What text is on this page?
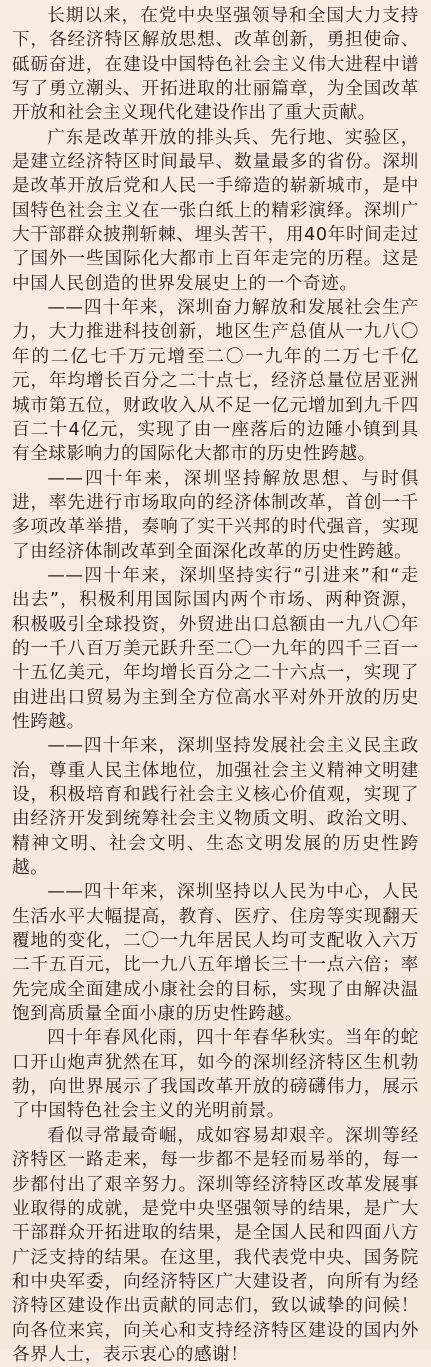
长期以来，在党中央坚强领导和全国大力支持下，各经济特区解放思想、改革创新，勇担使命、砥砺奋进，在建设中国特色社会主义伟大进程中谱写了勇立潮头、开拓进取的壮丽篇章，为全国改革开放和社会主义现代化建设作出了重大贡献。

广东是改革开放的排头兵、先行地、实验区，是建立经济特区时间最早、数量最多的省份。深圳是改革开放后党和人民一手缔造的崭新城市，是中国特色社会主义在一张白纸上的精彩演绎。深圳广大干部群众披荆斩棘、埋头苦干，用40年时间走过了国外一些国际化大都市上百年走完的历程。这是中国人民创造的世界发展史上的一个奇迹。

——四十年来，深圳奋力解放和发展社会生产力，大力推进科技创新，地区生产总值从一九八〇年的二亿七千万元增至二〇一九年的二万七千亿元，年均增长百分之二十点七，经济总量位居亚洲城市第五位，财政收入从不足一亿元增加到九千四百二十4亿元，实现了由一座落后的边陲小镇到具有全球影响力的国际化大都市的历史性跨越。

——四十年来，深圳坚持解放思想、与时俱进，率先进行市场取向的经济体制改革，首创一千多项改革举措，奏响了实干兴邦的时代强音，实现了由经济体制改革到全面深化改革的历史性跨越。

——四十年来，深圳坚持实行“引进来”和“走出去”，积极利用国际国内两个市场、两种资源，积极吸引全球投资，外贸进出口总额由一九八〇年的一千八百万美元跃升至二〇一九年的四千三百一十五亿美元，年均增长百分之二十六点一，实现了由进出口贸易为主到全方位高水平对外开放的历史性跨越。

——四十年来，深圳坚持发展社会主义民主政治，尊重人民主体地位，加强社会主义精神文明建设，积极培育和践行社会主义核心价值观，实现了由经济开发到统筹社会主义物质文明、政治文明、精神文明、社会文明、生态文明发展的历史性跨越。

——四十年来，深圳坚持以人民为中心，人民生活水平大幅提高，教育、医疗、住房等实现翻天覆地的变化，二〇一九年居民人均可支配收入六万二千五百元，比一九八五年增长三十一点六倍；率先完成全面建成小康社会的目标，实现了由解决温饱到高质量全面小康的历史性跨越。

四十年春风化雨，四十年春华秋实。当年的蛇口开山炮声犹然在耳，如今的深圳经济特区生机勃勃，向世界展示了我国改革开放的磅礴伟力，展示了中国特色社会主义的光明前景。

看似寻常最奇崛，成如容易却艰辛。深圳等经济特区一路走来，每一步都不是轻而易举的，每一步都付出了艰辛努力。深圳等经济特区改革发展事业取得的成就，是党中央坚强领导的结果，是广大干部群众开拓进取的结果，是全国人民和四面八方广泛支持的结果。在这里，我代表党中央、国务院和中央军委，向经济特区广大建设者，向所有为经济特区建设作出贡献的同志们，致以诚挚的问候！向各位来宾，向关心和支持经济特区建设的国内外各界人士，表示衷心的感谢！
